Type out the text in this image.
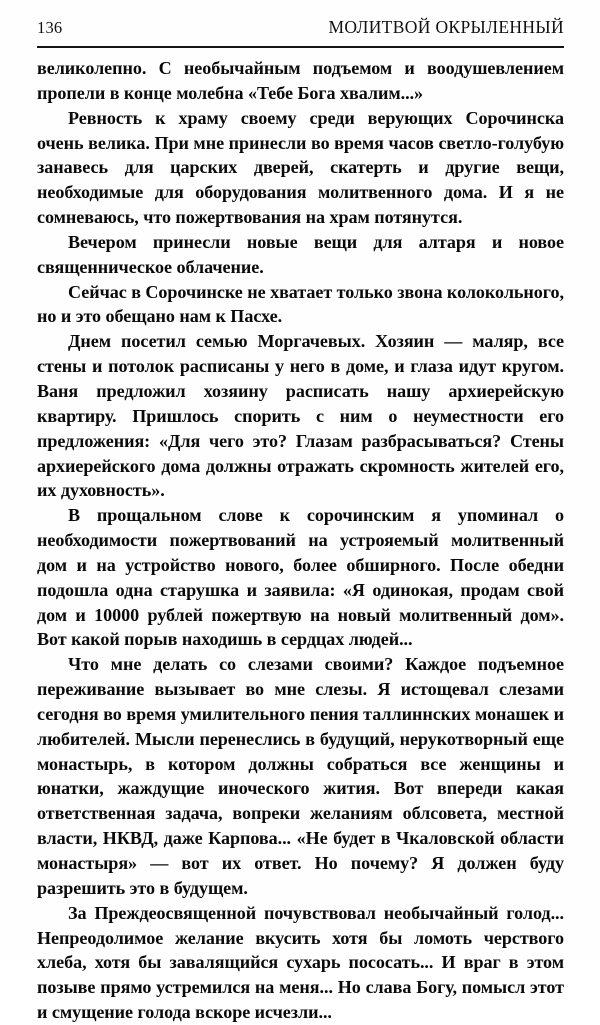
136	МОЛИТВОЙ ОКРЫЛЕННЫЙ

великолепно. С необычайным подъемом и воодушевлением пропели в конце молебна «Тебе Бога хвалим...»

Ревность к храму своему среди верующих Сорочинска очень велика. При мне принесли во время часов светло-голубую занавесь для царских дверей, скатерть и другие вещи, необходимые для оборудования молитвенного дома. И я не сомневаюсь, что пожертвования на храм потянутся.

Вечером принесли новые вещи для алтаря и новое священническое облачение.

Сейчас в Сорочинске не хватает только звона колокольного, но и это обещано нам к Пасхе.

Днем посетил семью Моргачевых. Хозяин — маляр, все стены и потолок расписаны у него в доме, и глаза идут кругом. Ваня предложил хозяину расписать нашу архиерейскую квартиру. Пришлось спорить с ним о неуместности его предложения: «Для чего это? Глазам разбрасываться? Стены архиерейского дома должны отражать скромность жителей его, их духовность».

В прощальном слове к сорочинским я упоминал о необходимости пожертвований на устрояемый молитвенный дом и на устройство нового, более обширного. После обедни подошла одна старушка и заявила: «Я одинокая, продам свой дом и 10000 рублей пожертвую на новый молитвенный дом». Вот какой порыв находишь в сердцах людей...

Что мне делать со слезами своими? Каждое подъемное переживание вызывает во мне слезы. Я истощевал слезами сегодня во время умилительного пения таллиннских монашек и любителей. Мысли перенеслись в будущий, нерукотворный еще монастырь, в котором должны собраться все женщины и юнатки, жаждущие иноческого жития. Вот впереди какая ответственная задача, вопреки желаниям облсовета, местной власти, НКВД, даже Карпова... «Не будет в Чкаловской области монастыря» — вот их ответ. Но почему? Я должен буду разрешить это в будущем.

За Преждеосвященной почувствовал необычайный голод... Непреодолимое желание вкусить хотя бы ломоть черствого хлеба, хотя бы завалящийся сухарь пососать... И враг в этом позыве прямо устремился на меня... Но слава Богу, помысл этот и смущение голода вскоре исчезли...
